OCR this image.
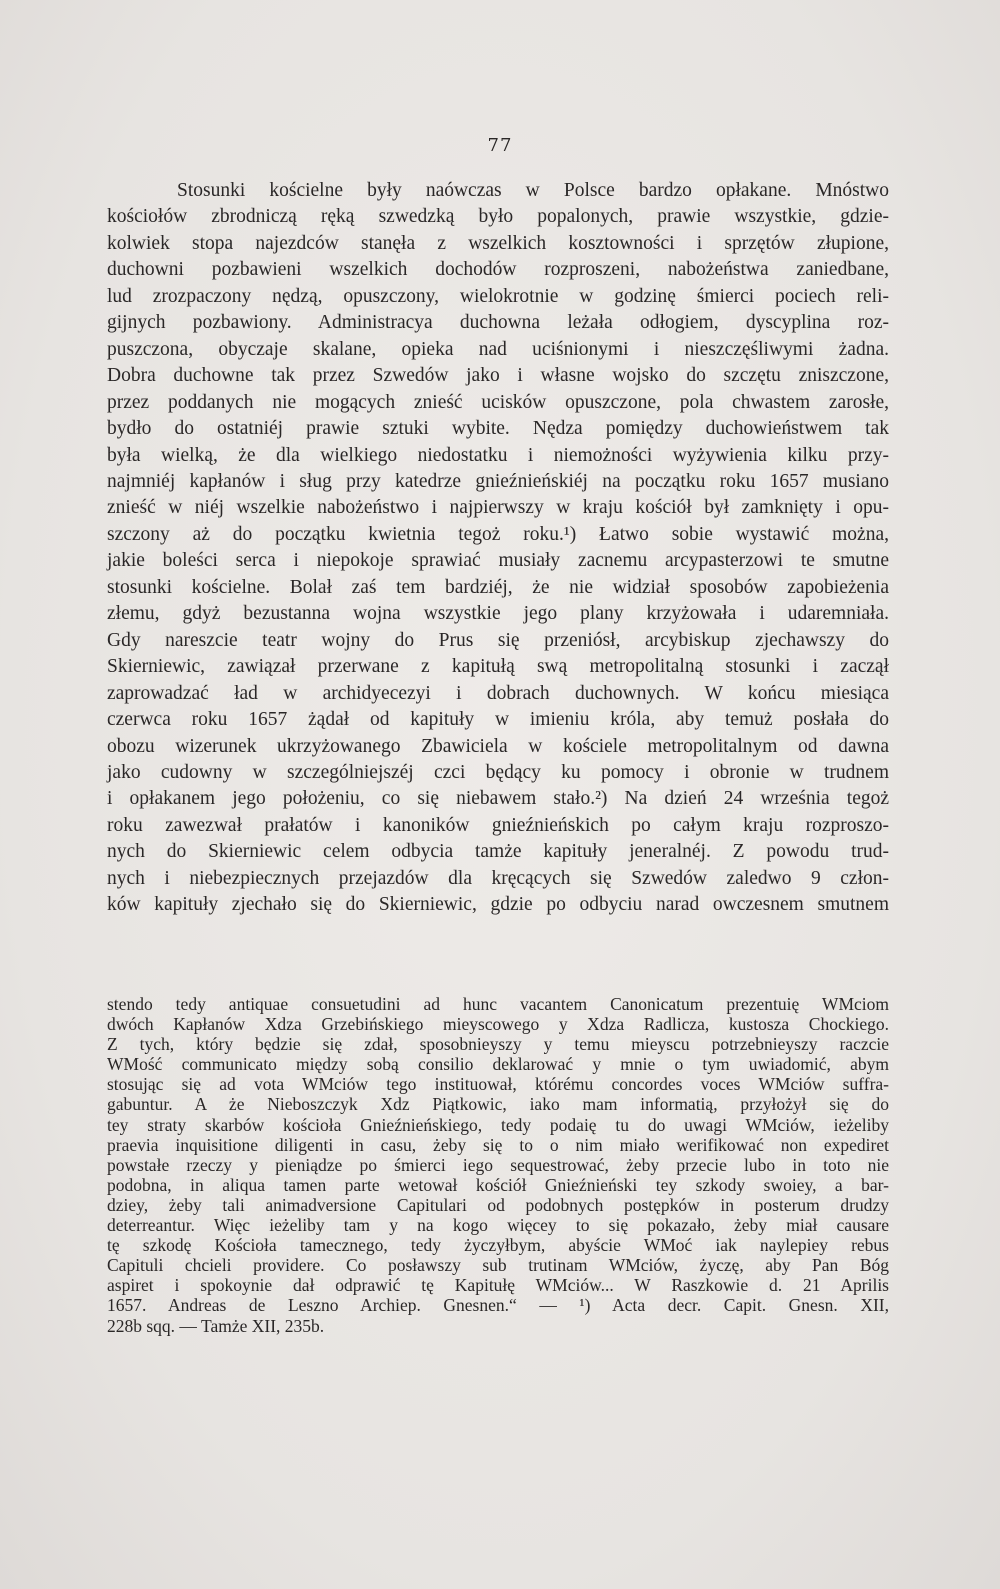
77
Stosunki kościelne były naówczas w Polsce bardzo opłakane. Mnóstwo
kościołów zbrodniczą ręką szwedzką było popalonych, prawie wszystkie, gdzie-
kolwiek stopa najezdców stanęła z wszelkich kosztowności i sprzętów złupione,
duchowni pozbawieni wszelkich dochodów rozproszeni, nabożeństwa zaniedbane,
lud zrozpaczony nędzą, opuszczony, wielokrotnie w godzinę śmierci pociech reli-
gijnych pozbawiony. Administracya duchowna leżała odłogiem, dyscyplina roz-
puszczona, obyczaje skalane, opieka nad uciśnionymi i nieszczęśliwymi żadna.
Dobra duchowne tak przez Szwedów jako i własne wojsko do szczętu zniszczone,
przez poddanych nie mogących znieść ucisków opuszczone, pola chwastem zarosłe,
bydło do ostatniéj prawie sztuki wybite. Nędza pomiędzy duchowieństwem tak
była wielką, że dla wielkiego niedostatku i niemożności wyżywienia kilku przy-
najmniéj kapłanów i sług przy katedrze gnieźnieńskiéj na początku roku 1657 musiano
znieść w niéj wszelkie nabożeństwo i najpierwszy w kraju kościół był zamknięty i opu-
szczony aż do początku kwietnia tegoż roku.¹) Łatwo sobie wystawić można,
jakie boleści serca i niepokoje sprawiać musiały zacnemu arcypasterzowi te smutne
stosunki kościelne. Bolał zaś tem bardziéj, że nie widział sposobów zapobieżenia
złemu, gdyż bezustanna wojna wszystkie jego plany krzyżowała i udaremniała.
Gdy nareszcie teatr wojny do Prus się przeniósł, arcybiskup zjechawszy do
Skierniewic, zawiązał przerwane z kapitułą swą metropolitalną stosunki i zaczął
zaprowadzać ład w archidyecezyi i dobrach duchownych. W końcu miesiąca
czerwca roku 1657 żądał od kapituły w imieniu króla, aby temuż posłała do
obozu wizerunek ukrzyżowanego Zbawiciela w kościele metropolitalnym od dawna
jako cudowny w szczególniejszéj czci będący ku pomocy i obronie w trudnem
i opłakanem jego położeniu, co się niebawem stało.²) Na dzień 24 września tegoż
roku zawezwał prałatów i kanoników gnieźnieńskich po całym kraju rozproszo-
nych do Skierniewic celem odbycia tamże kapituły jeneralnéj. Z powodu trud-
nych i niebezpiecznych przejazdów dla kręcących się Szwedów zaledwo 9 człon-
ków kapituły zjechało się do Skierniewic, gdzie po odbyciu narad owczesnem smutnem
stendo tedy antiquae consuetudini ad hunc vacantem Canonicatum prezentuię WMciom
dwóch Kapłanów Xdza Grzebińskiego mieyscowego y Xdza Radlicza, kustosza Chockiego.
Z tych, który będzie się zdał, sposobnieyszy y temu mieyscu potrzebnieyszy raczcie
WMość communicato między sobą consilio deklarować y mnie o tym uwiadomić, abym
stosując się ad vota WMciów tego instituował, którému concordes voces WMciów suffra-
gabuntur. A że Nieboszczyk Xdz Piątkowic, iako mam informatią, przyłożył się do
tey straty skarbów kościoła Gnieźnieńskiego, tedy podaię tu do uwagi WMciów, ieżeliby
praevia inquisitione diligenti in casu, żeby się to o nim miało werifikować non expediret
powstałe rzeczy y pieniądze po śmierci iego sequestrować, żeby przecie lubo in toto nie
podobna, in aliqua tamen parte wetował kościół Gnieźnieński tey szkody swoiey, a bar-
dziey, żeby tali animadversione Capitulari od podobnych postępków in posterum drudzy
deterreantur. Więc ieżeliby tam y na kogo więcey to się pokazało, żeby miał causare
tę szkodę Kościoła tamecznego, tedy życzyłbym, abyście WMoć iak naylepiey rebus
Capituli chcieli providere. Co posławszy sub trutinam WMciów, życzę, aby Pan Bóg
aspiret i spokoynie dał odprawić tę Kapitułę WMciów... W Raszkowie d. 21 Aprilis
1657. Andreas de Leszno Archiep. Gnesnen.“ — ¹) Acta decr. Capit. Gnesn. XII,
228b sqq. — Tamże XII, 235b.
